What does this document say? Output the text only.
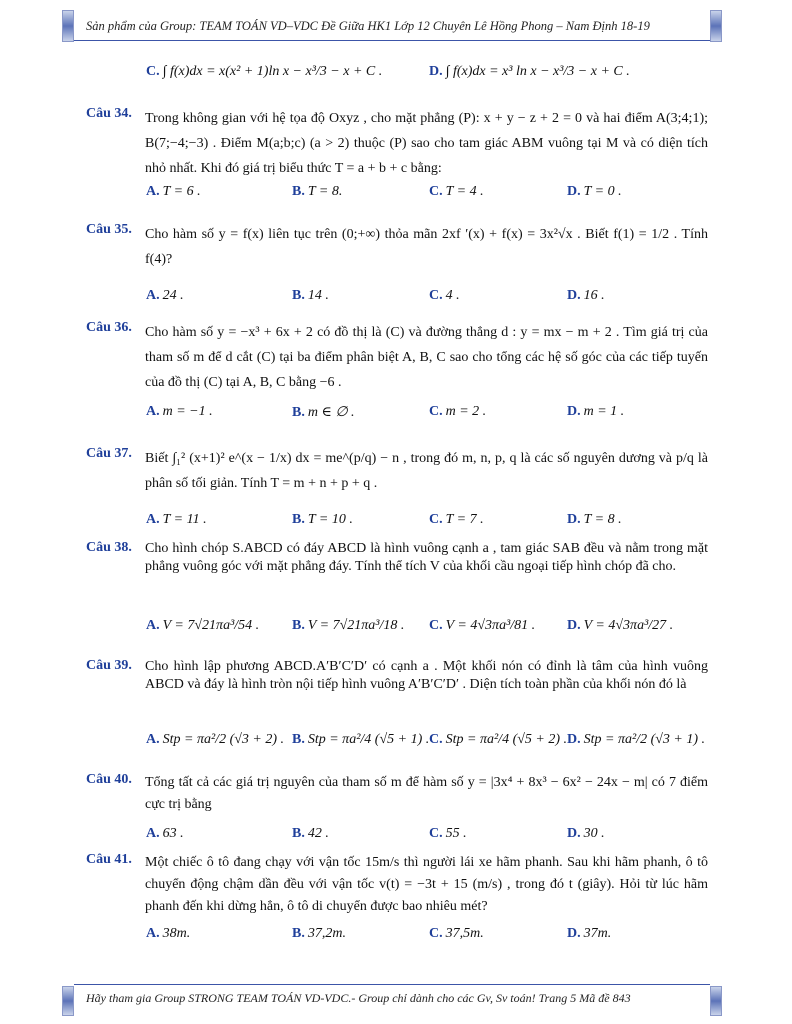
Sản phẩm của Group: TEAM TOÁN VD–VDC Đề Giữa HK1 Lớp 12 Chuyên Lê Hồng Phong – Nam Định 18-19
C. ∫ f(x)dx = x(x² + 1)ln x − x³/3 − x + C .	D. ∫ f(x)dx = x³ ln x − x³/3 − x + C .
Câu 34. Trong không gian với hệ tọa độ Oxyz , cho mặt phẳng (P): x + y − z + 2 = 0 và hai điểm A(3;4;1); B(7;−4;−3) . Điểm M(a;b;c) (a > 2) thuộc (P) sao cho tam giác ABM vuông tại M và có diện tích nhỏ nhất. Khi đó giá trị biểu thức T = a + b + c bằng:
A. T = 6 .	B. T = 8.	C. T = 4 .	D. T = 0 .
Câu 35. Cho hàm số y = f(x) liên tục trên (0;+∞) thỏa mãn 2xf ′(x) + f(x) = 3x²√x . Biết f(1) = 1/2 . Tính f(4)?
A. 24 .	B. 14 .	C. 4 .	D. 16 .
Câu 36. Cho hàm số y = −x³ + 6x + 2 có đồ thị là (C) và đường thẳng d : y = mx − m + 2 . Tìm giá trị của tham số m để d cắt (C) tại ba điểm phân biệt A, B, C sao cho tổng các hệ số góc của các tiếp tuyến của đồ thị (C) tại A, B, C bằng −6 .
A. m = −1 .	B. m ∈ ∅ .	C. m = 2 .	D. m = 1 .
Câu 37. Biết ∫₁² (x+1)² e^(x − 1/x) dx = me^(p/q) − n , trong đó m, n, p, q là các số nguyên dương và p/q là phân số tối giản. Tính T = m + n + p + q .
A. T = 11 .	B. T = 10 .	C. T = 7 .	D. T = 8 .
Câu 38. Cho hình chóp S.ABCD có đáy ABCD là hình vuông cạnh a , tam giác SAB đều và nằm trong mặt phẳng vuông góc với mặt phẳng đáy. Tính thể tích V của khối cầu ngoại tiếp hình chóp đã cho.
A. V = 7√21πa³/54 . B. V = 7√21πa³/18 . C. V = 4√3πa³/81 . D. V = 4√3πa³/27 .
Câu 39. Cho hình lập phương ABCD.A′B′C′D′ có cạnh a . Một khối nón có đỉnh là tâm của hình vuông ABCD và đáy là hình tròn nội tiếp hình vuông A′B′C′D′ . Diện tích toàn phần của khối nón đó là
A. Stp = πa²/2 (√3 + 2) . B. Stp = πa²/4 (√5 + 1) . C. Stp = πa²/4 (√5 + 2) . D. Stp = πa²/2 (√3 + 1) .
Câu 40. Tổng tất cả các giá trị nguyên của tham số m để hàm số y = |3x⁴ + 8x³ − 6x² − 24x − m| có 7 điểm cực trị bằng
A. 63 .	B. 42 .	C. 55 .	D. 30 .
Câu 41. Một chiếc ô tô đang chạy với vận tốc 15m/s thì người lái xe hãm phanh. Sau khi hãm phanh, ô tô chuyển động chậm dần đều với vận tốc v(t) = −3t + 15 (m/s) , trong đó t (giây). Hỏi từ lúc hãm phanh đến khi dừng hẳn, ô tô di chuyển được bao nhiêu mét?
A. 38m.	B. 37,2m.	C. 37,5m.	D. 37m.
Hãy tham gia Group STRONG TEAM TOÁN VD-VDC.- Group chỉ dành cho các Gv, Sv toán! Trang 5 Mã đề 843
